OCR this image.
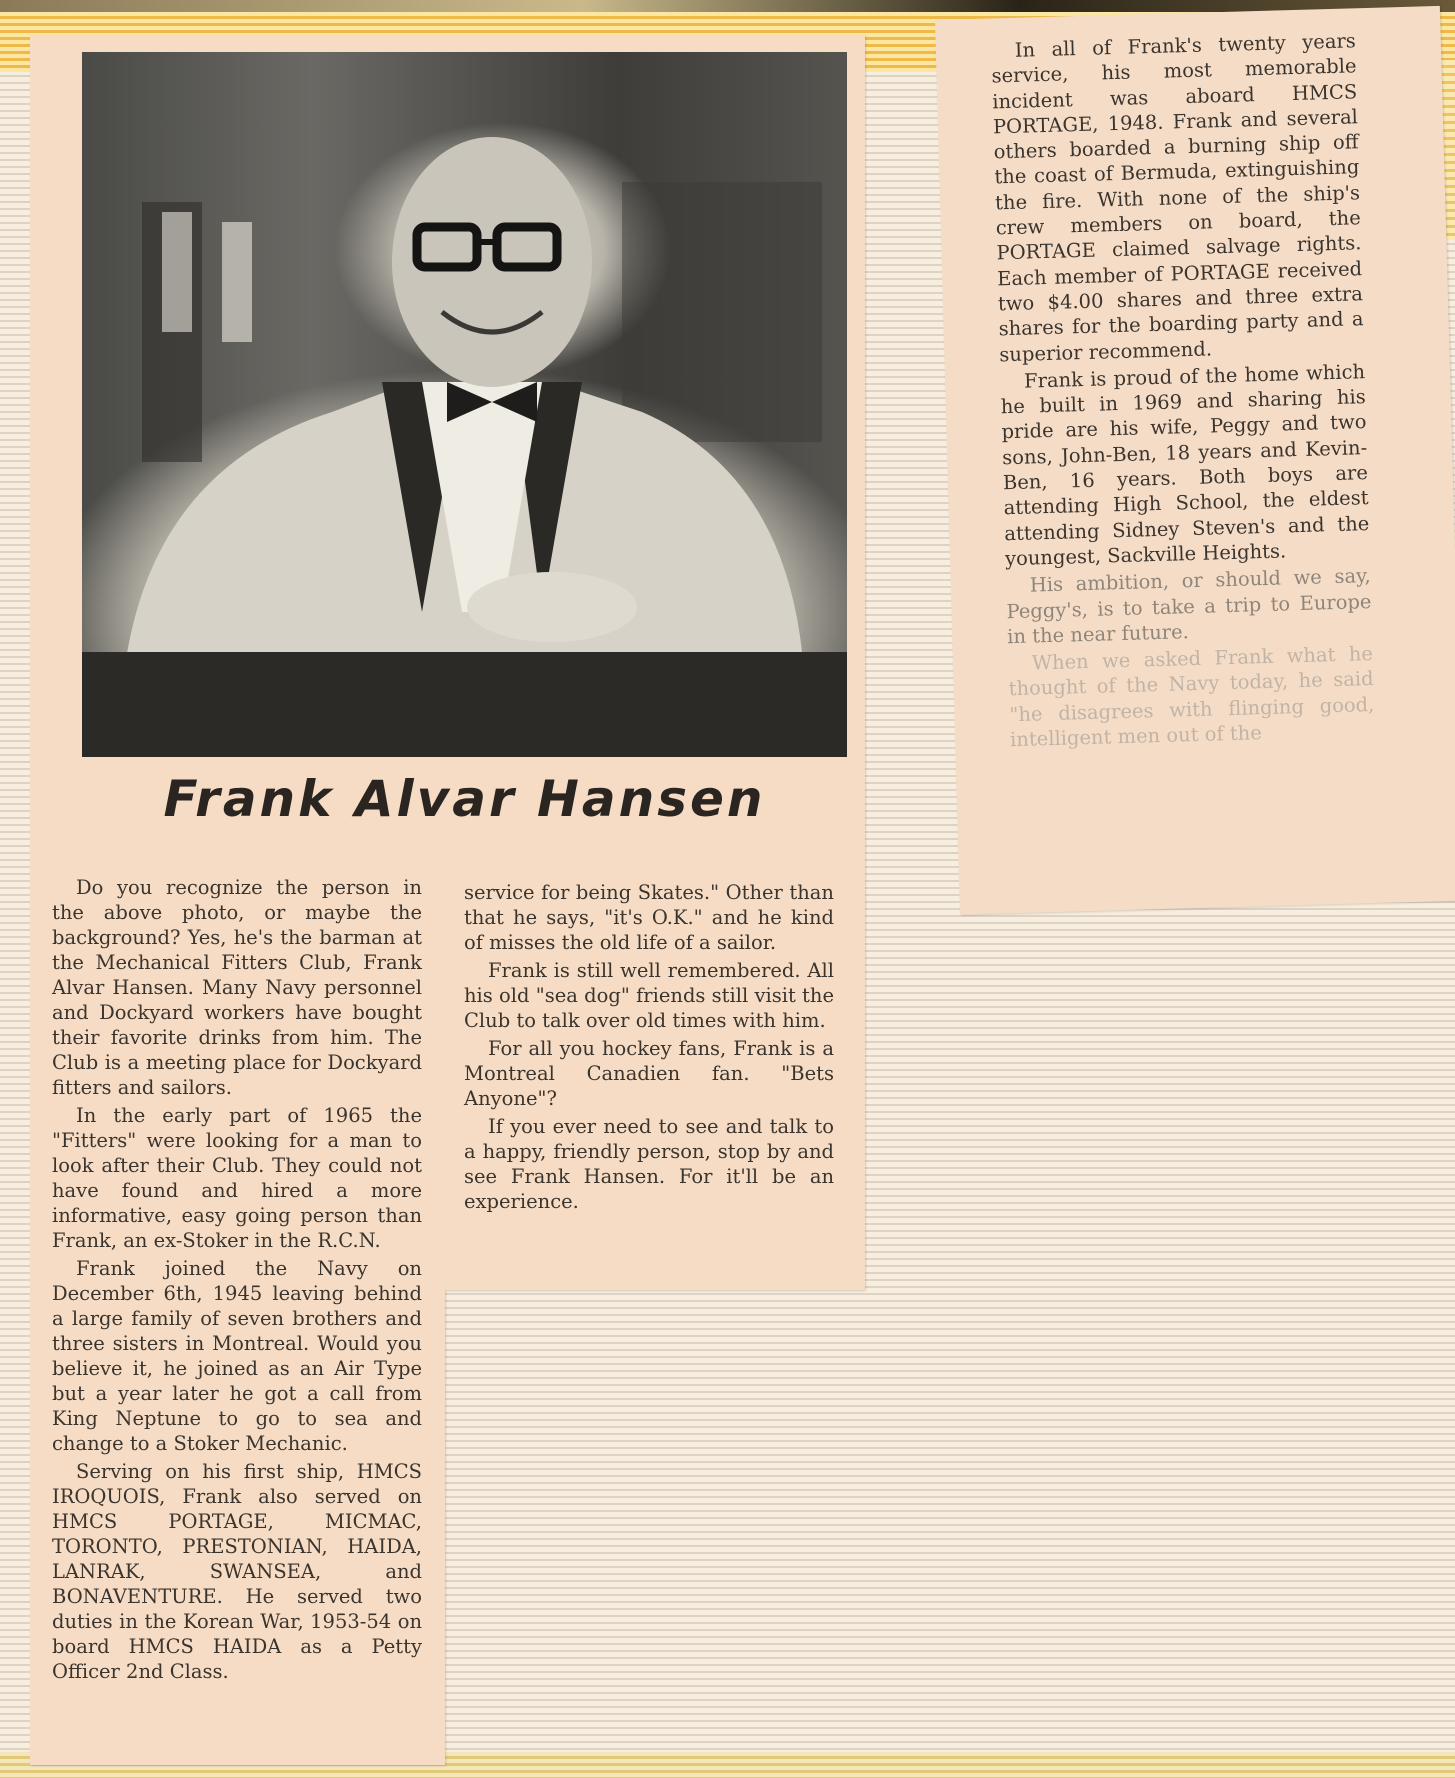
Frank Alvar Hansen

Do you recognize the person in the above photo, or maybe the background? Yes, he's the barman at the Mechanical Fitters Club, Frank Alvar Hansen. Many Navy personnel and Dockyard workers have bought their favorite drinks from him. The Club is a meeting place for Dockyard fitters and sailors.

In the early part of 1965 the "Fitters" were looking for a man to look after their Club. They could not have found and hired a more informative, easy going person than Frank, an ex-Stoker in the R.C.N.

Frank joined the Navy on December 6th, 1945 leaving behind a large family of seven brothers and three sisters in Montreal. Would you believe it, he joined as an Air Type but a year later he got a call from King Neptune to go to sea and change to a Stoker Mechanic.

Serving on his first ship, HMCS IROQUOIS, Frank also served on HMCS PORTAGE, MICMAC, TORONTO, PRESTONIAN, HAIDA, LANRAK, SWANSEA, and BONAVENTURE. He served two duties in the Korean War, 1953-54 on board HMCS HAIDA as a Petty Officer 2nd Class.

service for being Skates." Other than that he says, "it's O.K." and he kind of misses the old life of a sailor.

Frank is still well remembered. All his old "sea dog" friends still visit the Club to talk over old times with him.

For all you hockey fans, Frank is a Montreal Canadien fan. "Bets Anyone"?

If you ever need to see and talk to a happy, friendly person, stop by and see Frank Hansen. For it'll be an experience.

In all of Frank's twenty years service, his most memorable incident was aboard HMCS PORTAGE, 1948. Frank and several others boarded a burning ship off the coast of Bermuda, extinguishing the fire. With none of the ship's crew members on board, the PORTAGE claimed salvage rights. Each member of PORTAGE received two $4.00 shares and three extra shares for the boarding party and a superior recommend.

Frank is proud of the home which he built in 1969 and sharing his pride are his wife, Peggy and two sons, John-Ben, 18 years and Kevin-Ben, 16 years. Both boys are attending High School, the eldest attending Sidney Steven's and the youngest, Sackville Heights.

His ambition, or should we say, Peggy's, is to take a trip to Europe in the near future.

When we asked Frank what he thought of the Navy today, he said "he disagrees with flinging good, intelligent men out of the
